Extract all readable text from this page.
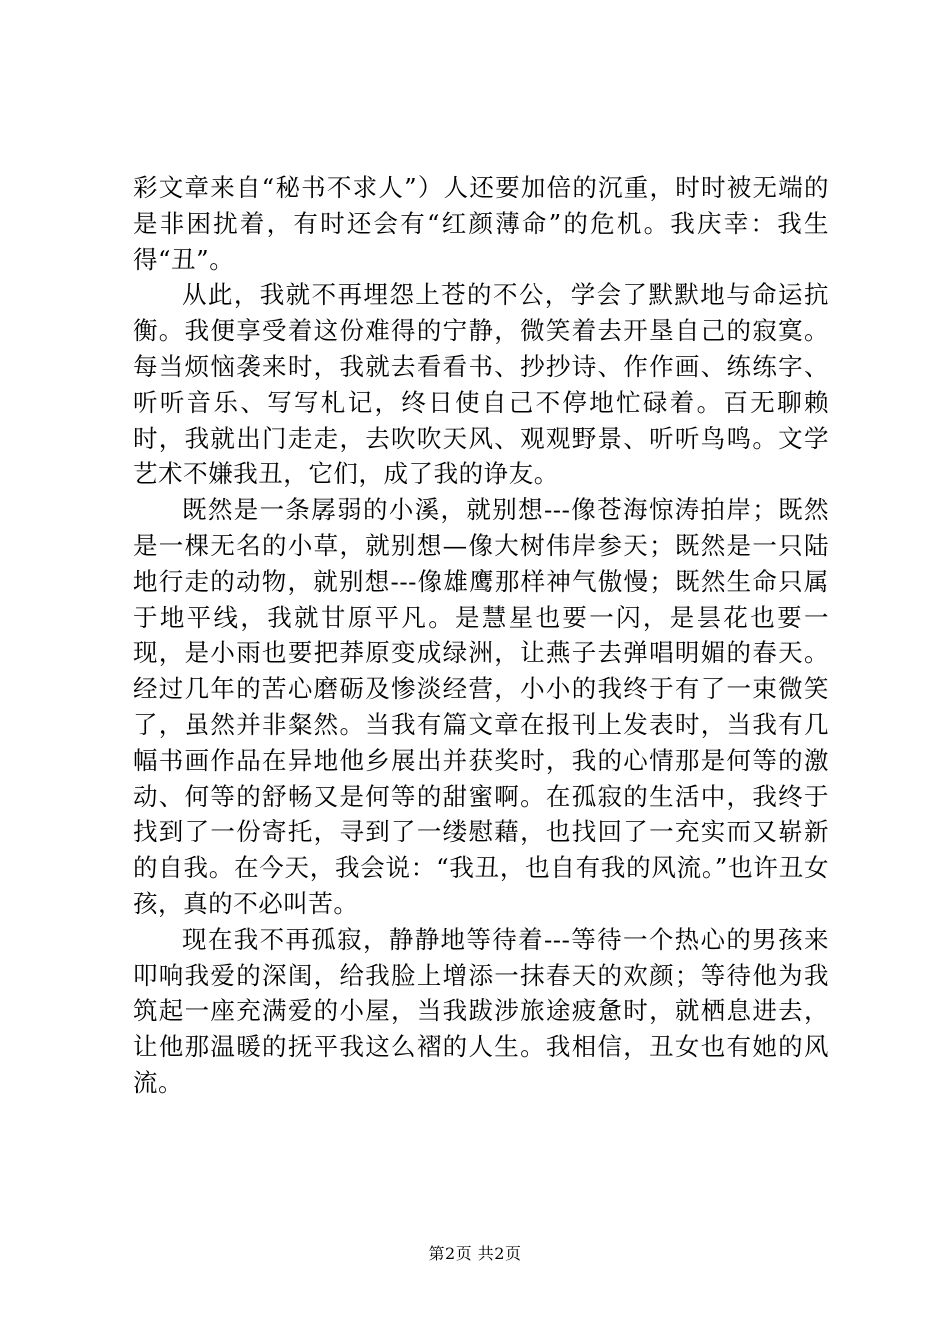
彩文章来自“秘书不求人”）人还要加倍的沉重，时时被无端的是非困扰着，有时还会有“红颜薄命”的危机。我庆幸：我生得“丑”。

从此，我就不再埋怨上苍的不公，学会了默默地与命运抗衡。我便享受着这份难得的宁静，微笑着去开垦自己的寂寞。每当烦恼袭来时，我就去看看书、抄抄诗、作作画、练练字、听听音乐、写写札记，终日使自己不停地忙碌着。百无聊赖时，我就出门走走，去吹吹天风、观观野景、听听鸟鸣。文学艺术不嫌我丑，它们，成了我的诤友。

既然是一条孱弱的小溪，就别想---像苍海惊涛拍岸；既然是一棵无名的小草，就别想—像大树伟岸参天；既然是一只陆地行走的动物，就别想---像雄鹰那样神气傲慢；既然生命只属于地平线，我就甘原平凡。是慧星也要一闪，是昙花也要一现，是小雨也要把莽原变成绿洲，让燕子去弹唱明媚的春天。经过几年的苦心磨砺及惨淡经营，小小的我终于有了一束微笑了，虽然并非粲然。当我有篇文章在报刊上发表时，当我有几幅书画作品在异地他乡展出并获奖时，我的心情那是何等的激动、何等的舒畅又是何等的甜蜜啊。在孤寂的生活中，我终于找到了一份寄托，寻到了一缕慰藉，也找回了一充实而又崭新的自我。在今天，我会说：“我丑，也自有我的风流。”也许丑女孩，真的不必叫苦。

现在我不再孤寂，静静地等待着---等待一个热心的男孩来叩响我爱的深闺，给我脸上增添一抹春天的欢颜；等待他为我筑起一座充满爱的小屋，当我跋涉旅途疲惫时，就栖息进去，让他那温暖的抚平我这么褶的人生。我相信，丑女也有她的风流。

第2页 共2页
